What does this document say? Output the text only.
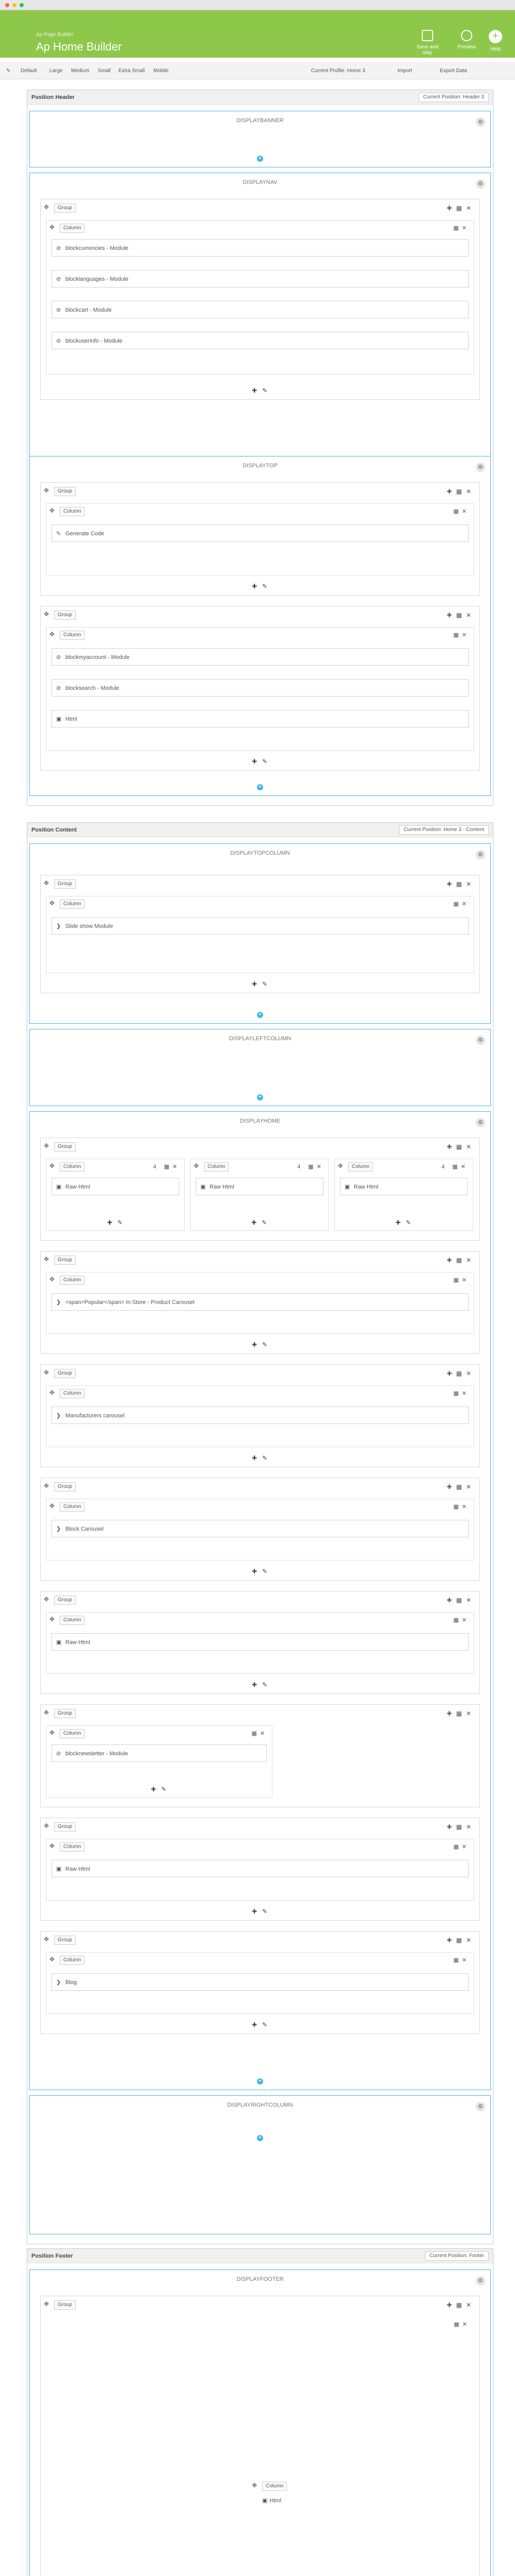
Ap Page Builder
Ap Home Builder	Save and stay
Preview
+
Help
✎ Default Large Medium Small Extra Small Mobile	Current Profile: Home 3	Import	Export Data
Position Header	Current Position: Header 3
DISPLAYBANNER	⚙
+
DISPLAYNAV	⚙
✥ Group	✚▦✕
✥ Column	▦✕
⊘ blockcurrencies - Module
⊘ blocklanguages - Module
⊘ blockcart - Module
⊘ blockuserinfo - Module
✚✎
DISPLAYTOP	⚙
✥ Group	✚▦✕
✥ Column	▦✕
✎ Generate Code
✚✎
✥ Group	✚▦✕
✥ Column	▦✕
⊘ blockmyaccount - Module
⊘ blocksearch - Module
▣ Html
✚✎
+
Position Content	Current Position: Home 3 - Content
DISPLAYTOPCOLUMN	⚙
✥ Group	✚▦✕
✥ Column	▦✕
❯ Slide show Module
✚✎
+
DISPLAYLEFTCOLUMN	⚙
+
DISPLAYHOME	⚙
✥ Group	✚▦✕
✥ Column	4 ▦✕
▣ Raw Html
✚✎
✥ Column	4 ▦✕
▣ Raw Html
✚✎
✥ Column	4 ▦✕
▣ Raw Html
✚✎
✥ Group	✚▦✕
✥ Column	▦✕
❯ <span>Popular</span> In Store - Product Carousel
✚✎
✥ Group	✚▦✕
✥ Column	▦✕
❯ Manufacturers carousel
✚✎
✥ Group	✚▦✕
✥ Column	▦✕
❯ Block Carousel
✚✎
✥ Group	✚▦✕
✥ Column	▦✕
▣ Raw Html
✚✎
✥ Group	✚▦✕
✥ Column	▦✕
⊘ blocknewsletter - Module
✚✎
✥ Group	✚▦✕
✥ Column	▦✕
▣ Raw Html
✚✎
✥ Group	✚▦✕
✥ Column	▦✕
❯ Blog
✚✎
+
DISPLAYRIGHTCOLUMN	⚙
+
Position Footer	Current Position: Footer
DISPLAYFOOTER	⚙
✥ Group	✚▦✕
▦✕
✥ Column
▣ Html
